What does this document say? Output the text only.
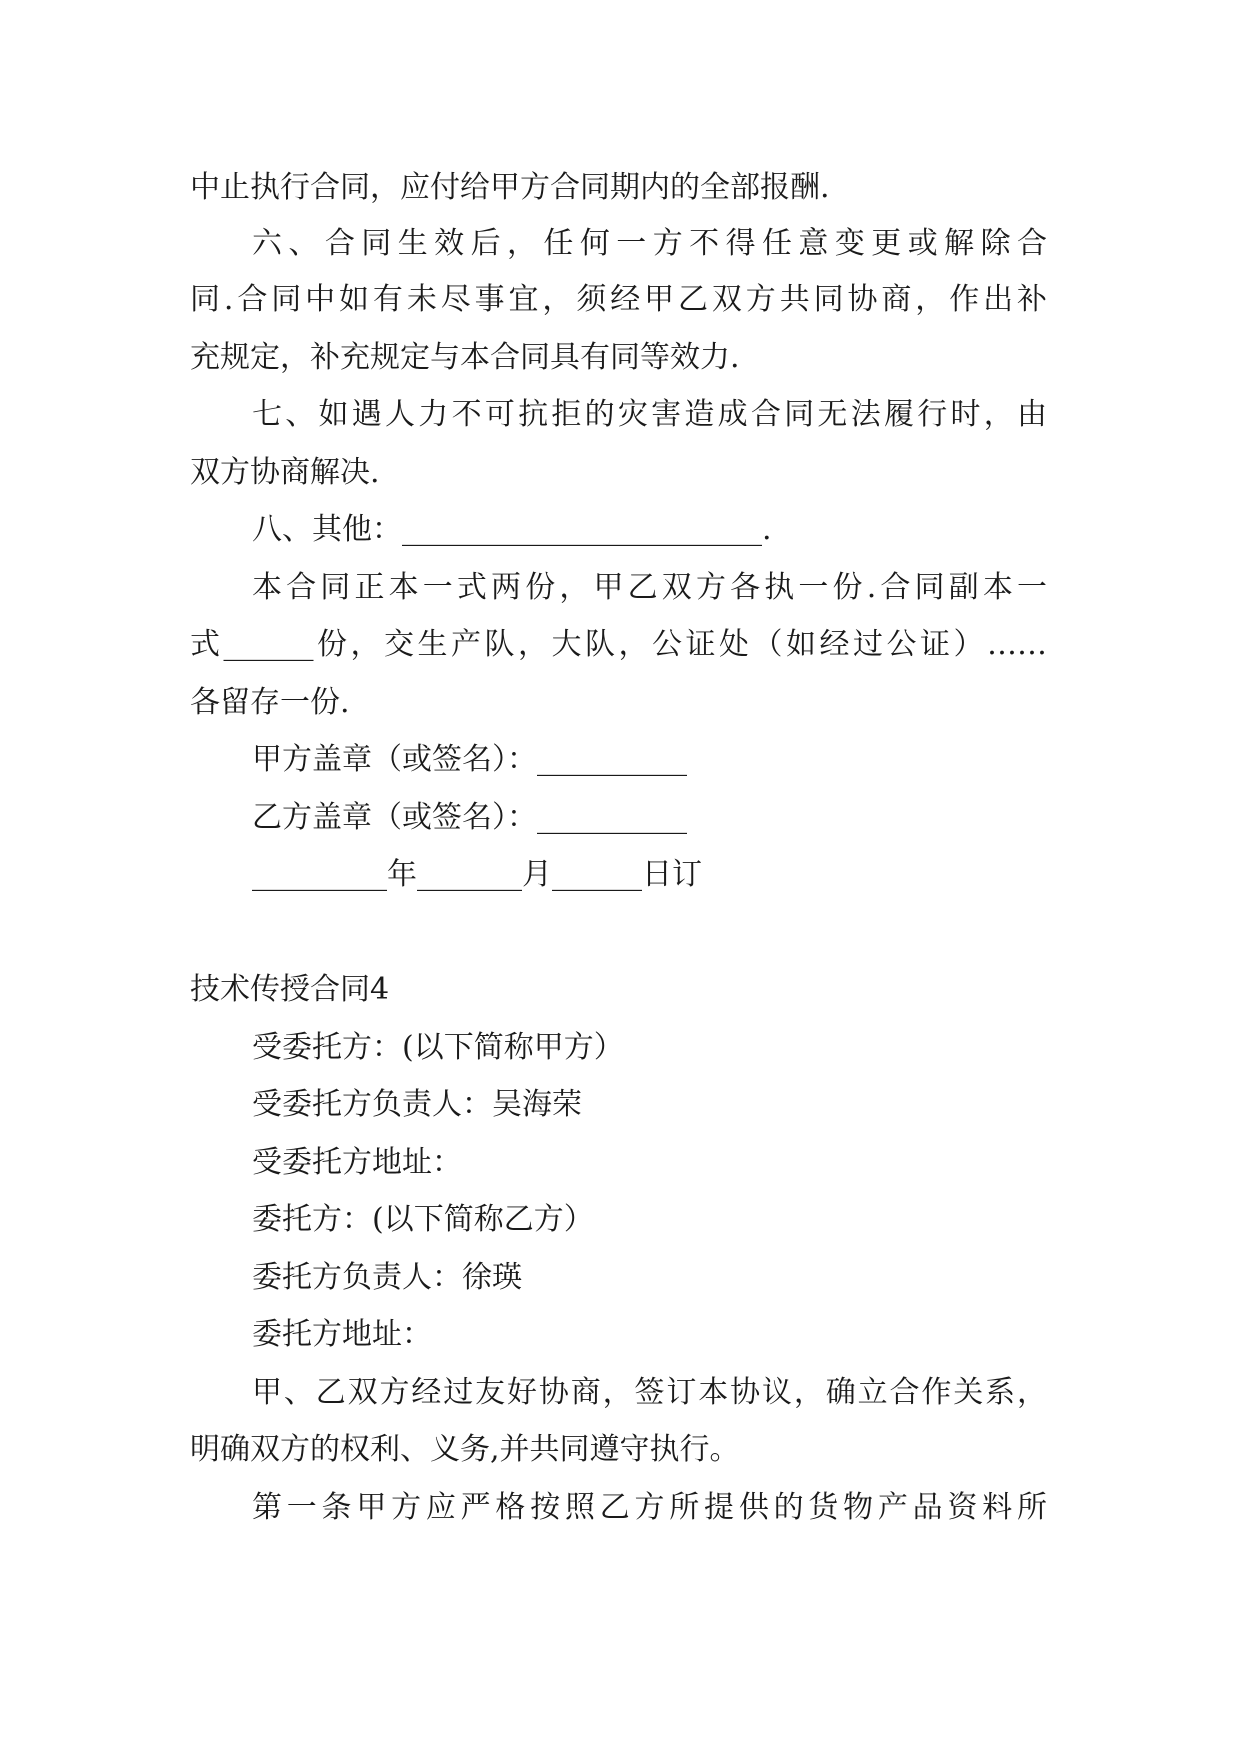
中止执行合同，应付给甲方合同期内的全部报酬.
六、合同生效后，任何一方不得任意变更或解除合
同.合同中如有未尽事宜，须经甲乙双方共同协商，作出补
充规定，补充规定与本合同具有同等效力.
七、如遇人力不可抗拒的灾害造成合同无法履行时，由
双方协商解决.
八、其他：________________________.
本合同正本一式两份，甲乙双方各执一份.合同副本一
式______份，交生产队，大队，公证处（如经过公证）……
各留存一份.
甲方盖章（或签名）：__________
乙方盖章（或签名）：__________
_________年_______月______日订
技术传授合同4
受委托方：(以下简称甲方）
受委托方负责人：吴海荣
受委托方地址：
委托方：(以下简称乙方）
委托方负责人：徐瑛
委托方地址：
甲、乙双方经过友好协商，签订本协议，确立合作关系，
明确双方的权利、义务,并共同遵守执行。
第一条甲方应严格按照乙方所提供的货物产品资料所
